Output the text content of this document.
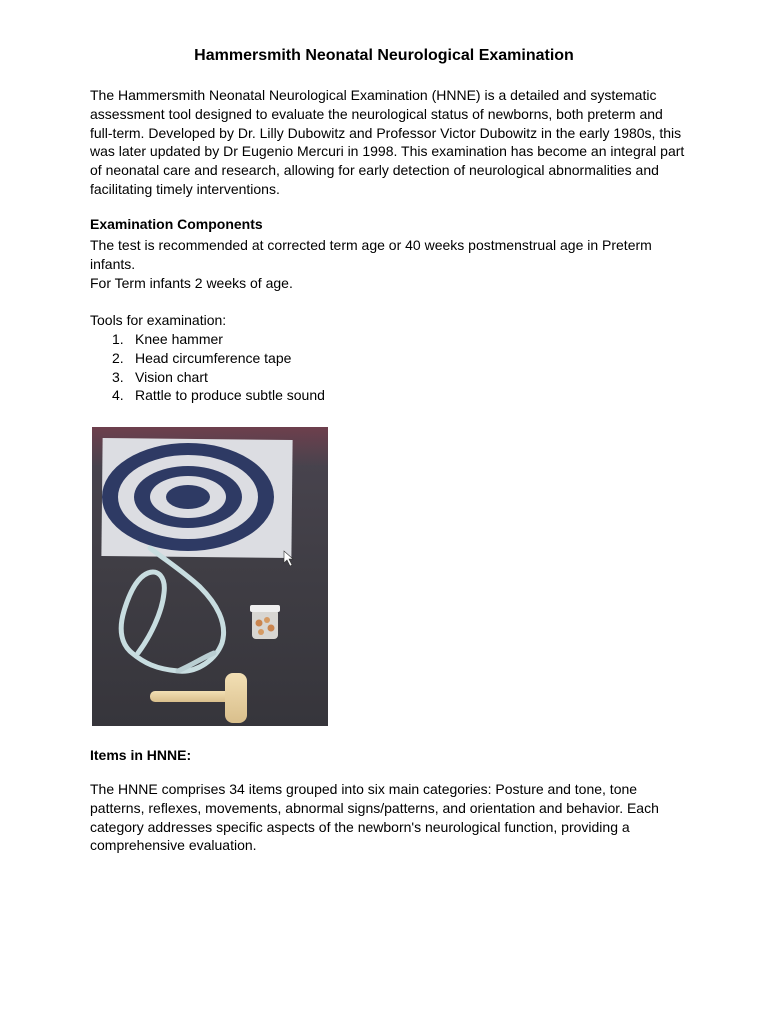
Hammersmith Neonatal Neurological Examination
The Hammersmith Neonatal Neurological Examination (HNNE) is a detailed and systematic
assessment tool designed to evaluate the neurological status of newborns, both preterm and
full-term. Developed by Dr. Lilly Dubowitz and Professor Victor Dubowitz in the early 1980s, this
was later updated by Dr Eugenio Mercuri in 1998. This examination has become an integral part
of neonatal care and research, allowing for early detection of neurological abnormalities and
facilitating timely interventions.
Examination Components
The test is recommended at corrected term age or 40 weeks postmenstrual age in Preterm
infants.
For Term infants 2 weeks of age.
Tools for examination:
1. Knee hammer
2. Head circumference tape
3. Vision chart
4. Rattle to produce subtle sound
Items in HNNE:
The HNNE comprises 34 items grouped into six main categories: Posture and tone, tone
patterns, reflexes, movements, abnormal signs/patterns, and orientation and behavior. Each
category addresses specific aspects of the newborn's neurological function, providing a
comprehensive evaluation.
